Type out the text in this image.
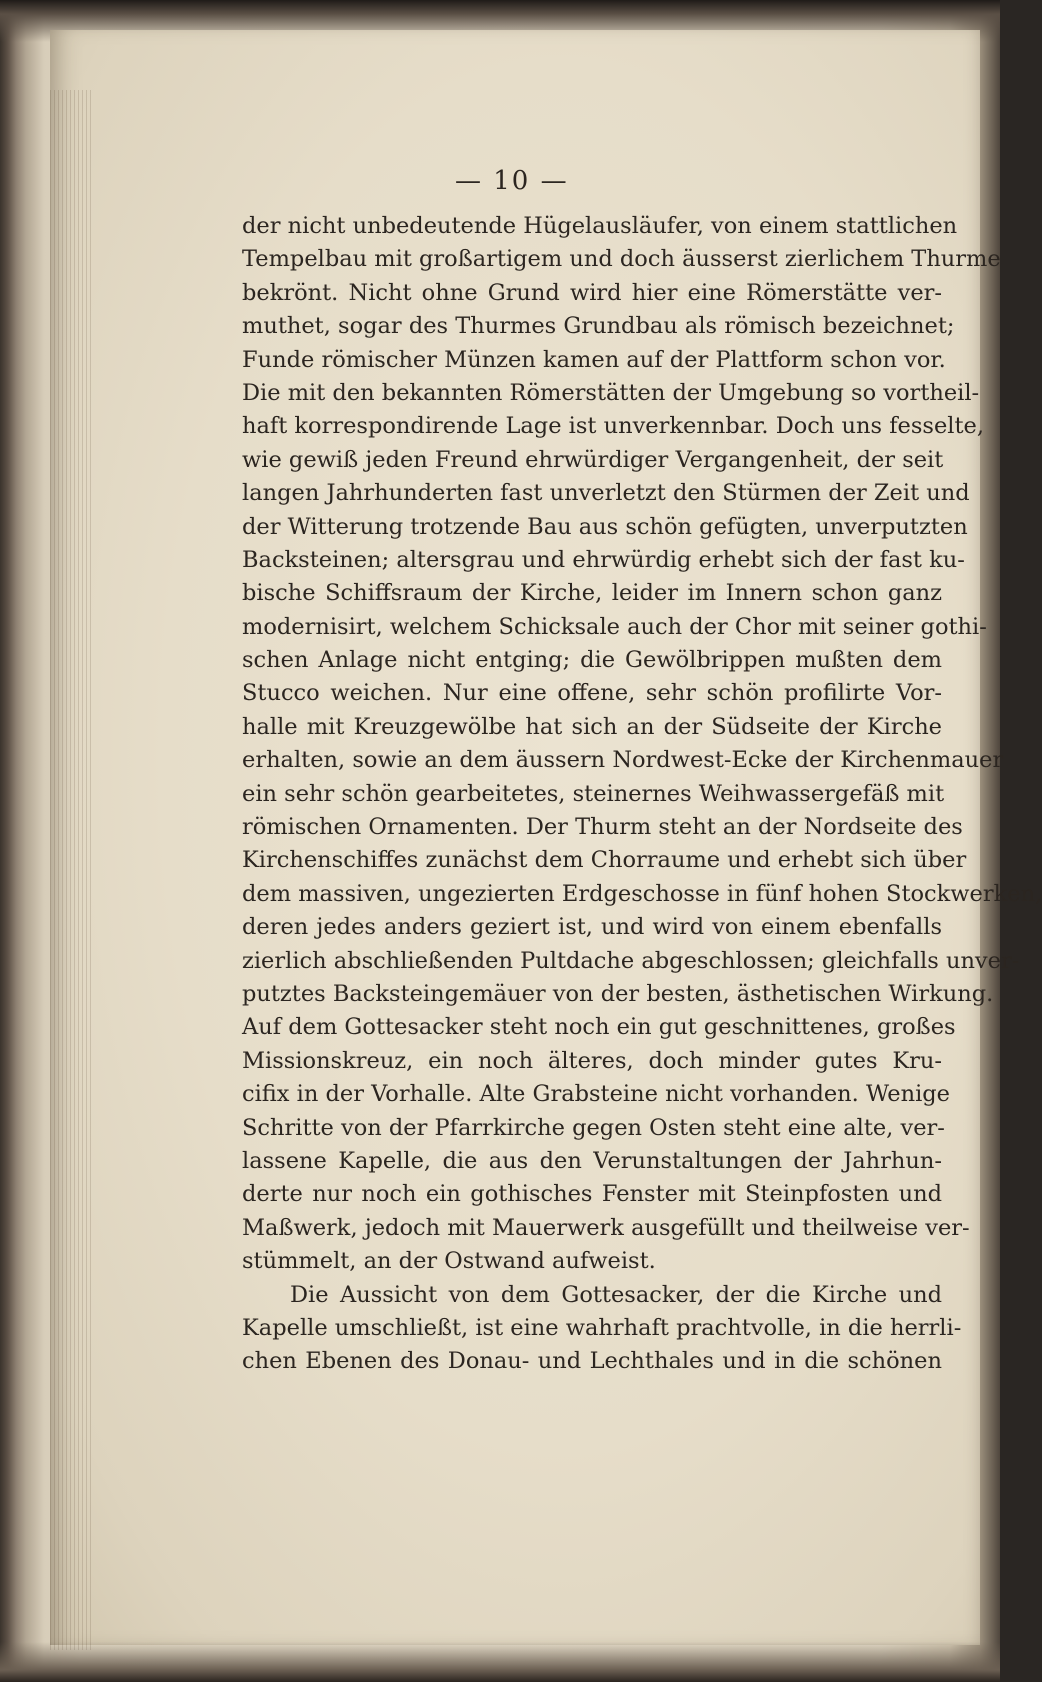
— 10 —
der nicht unbedeutende Hügelausläufer, von einem stattlichen
Tempelbau mit großartigem und doch äusserst zierlichem Thurme
bekrönt. Nicht ohne Grund wird hier eine Römerstätte ver-
muthet, sogar des Thurmes Grundbau als römisch bezeichnet;
Funde römischer Münzen kamen auf der Plattform schon vor.
Die mit den bekannten Römerstätten der Umgebung so vortheil-
haft korrespondirende Lage ist unverkennbar. Doch uns fesselte,
wie gewiß jeden Freund ehrwürdiger Vergangenheit, der seit
langen Jahrhunderten fast unverletzt den Stürmen der Zeit und
der Witterung trotzende Bau aus schön gefügten, unverputzten
Backsteinen; altersgrau und ehrwürdig erhebt sich der fast ku-
bische Schiffsraum der Kirche, leider im Innern schon ganz
modernisirt, welchem Schicksale auch der Chor mit seiner gothi-
schen Anlage nicht entging; die Gewölbrippen mußten dem
Stucco weichen. Nur eine offene, sehr schön profilirte Vor-
halle mit Kreuzgewölbe hat sich an der Südseite der Kirche
erhalten, sowie an dem äussern Nordwest-Ecke der Kirchenmauer
ein sehr schön gearbeitetes, steinernes Weihwassergefäß mit
römischen Ornamenten. Der Thurm steht an der Nordseite des
Kirchenschiffes zunächst dem Chorraume und erhebt sich über
dem massiven, ungezierten Erdgeschosse in fünf hohen Stockwerken,
deren jedes anders geziert ist, und wird von einem ebenfalls
zierlich abschließenden Pultdache abgeschlossen; gleichfalls unver-
putztes Backsteingemäuer von der besten, ästhetischen Wirkung.
Auf dem Gottesacker steht noch ein gut geschnittenes, großes
Missionskreuz, ein noch älteres, doch minder gutes Kru-
cifix in der Vorhalle. Alte Grabsteine nicht vorhanden. Wenige
Schritte von der Pfarrkirche gegen Osten steht eine alte, ver-
lassene Kapelle, die aus den Verunstaltungen der Jahrhun-
derte nur noch ein gothisches Fenster mit Steinpfosten und
Maßwerk, jedoch mit Mauerwerk ausgefüllt und theilweise ver-
stümmelt, an der Ostwand aufweist.
Die Aussicht von dem Gottesacker, der die Kirche und
Kapelle umschließt, ist eine wahrhaft prachtvolle, in die herrli-
chen Ebenen des Donau- und Lechthales und in die schönen
